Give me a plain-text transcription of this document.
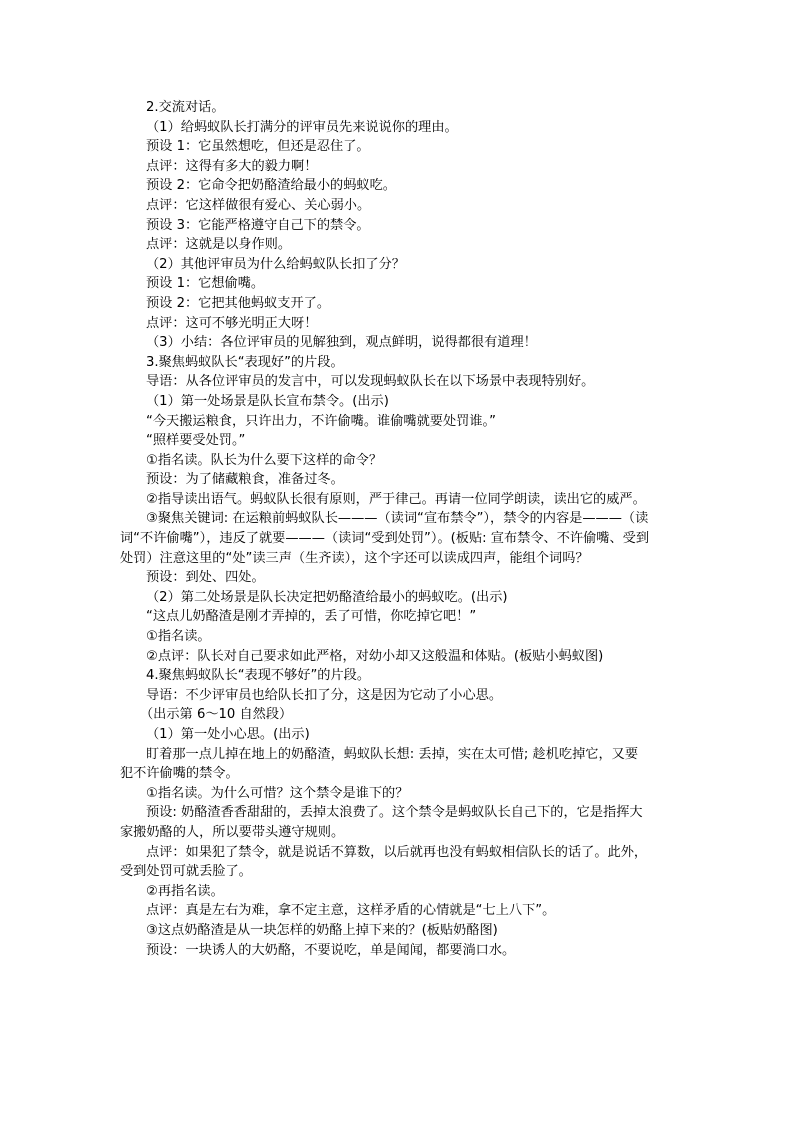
2.交流对话。
（1）给蚂蚁队长打满分的评审员先来说说你的理由。
预设 1：它虽然想吃，但还是忍住了。
点评：这得有多大的毅力啊！
预设 2：它命令把奶酪渣给最小的蚂蚁吃。
点评：它这样做很有爱心、关心弱小。
预设 3：它能严格遵守自己下的禁令。
点评：这就是以身作则。
（2）其他评审员为什么给蚂蚁队长扣了分？
预设 1：它想偷嘴。
预设 2：它把其他蚂蚁支开了。
点评：这可不够光明正大呀！
（3）小结：各位评审员的见解独到，观点鲜明，说得都很有道理！
3.聚焦蚂蚁队长“表现好”的片段。
导语：从各位评审员的发言中，可以发现蚂蚁队长在以下场景中表现特别好。
（1）第一处场景是队长宣布禁令。(出示)
“今天搬运粮食，只许出力，不许偷嘴。谁偷嘴就要处罚谁。”
“照样要受处罚。”
①指名读。队长为什么要下这样的命令？
预设：为了储藏粮食，准备过冬。
②指导读出语气。蚂蚁队长很有原则，严于律己。再请一位同学朗读，读出它的威严。
③聚焦关键词: 在运粮前蚂蚁队长———（读词“宣布禁令”），禁令的内容是———（读
词“不许偷嘴”），违反了就要———（读词“受到处罚”）。(板贴: 宣布禁令、不许偷嘴、受到
处罚）注意这里的“处”读三声（生齐读），这个字还可以读成四声，能组个词吗？
预设：到处、四处。
（2）第二处场景是队长决定把奶酪渣给最小的蚂蚁吃。(出示)
“这点儿奶酪渣是刚才弄掉的，丢了可惜，你吃掉它吧！”
①指名读。
②点评：队长对自己要求如此严格，对幼小却又这般温和体贴。(板贴小蚂蚁图)
4.聚焦蚂蚁队长“表现不够好”的片段。
导语：不少评审员也给队长扣了分，这是因为它动了小心思。
（出示第 6～10 自然段）
（1）第一处小心思。(出示)
盯着那一点儿掉在地上的奶酪渣，蚂蚁队长想: 丢掉，实在太可惜; 趁机吃掉它，又要
犯不许偷嘴的禁令。
①指名读。为什么可惜？这个禁令是谁下的？
预设: 奶酪渣香香甜甜的，丢掉太浪费了。这个禁令是蚂蚁队长自己下的，它是指挥大
家搬奶酪的人，所以要带头遵守规则。
点评：如果犯了禁令，就是说话不算数，以后就再也没有蚂蚁相信队长的话了。此外，
受到处罚可就丢脸了。
②再指名读。
点评：真是左右为难，拿不定主意，这样矛盾的心情就是“七上八下”。
③这点奶酪渣是从一块怎样的奶酪上掉下来的？(板贴奶酪图)
预设：一块诱人的大奶酪，不要说吃，单是闻闻，都要淌口水。
